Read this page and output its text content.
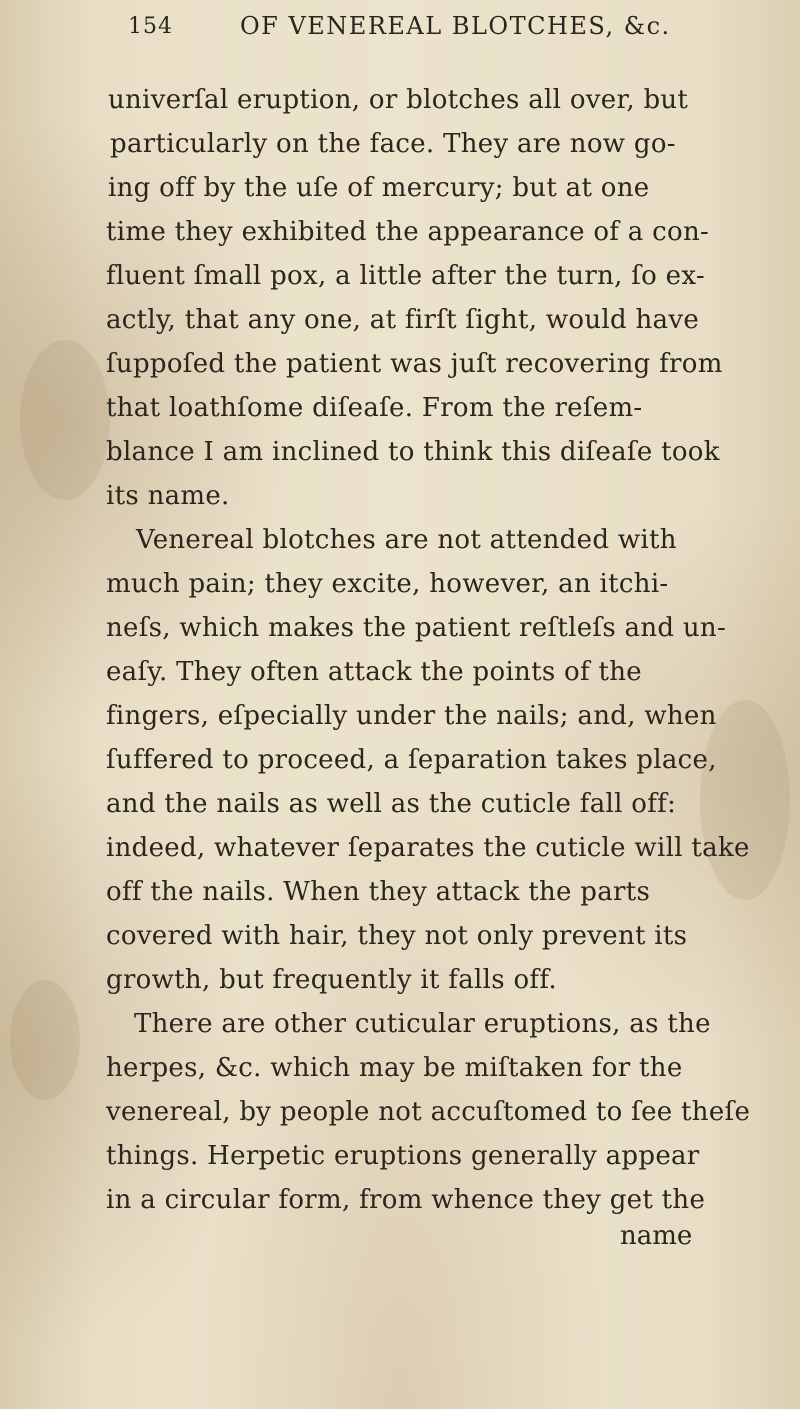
154	OF VENEREAL BLOTCHES, &c.
univerſal eruption, or blotches all over, but
particularly on the face. They are now go-
ing off by the uſe of mercury; but at one
time they exhibited the appearance of a con-
fluent ſmall pox, a little after the turn, ſo ex-
actly, that any one, at firſt ſight, would have
ſuppoſed the patient was juſt recovering from
that loathſome diſeaſe. From the reſem-
blance I am inclined to think this diſeaſe took
its name.
Venereal blotches are not attended with
much pain; they excite, however, an itchi-
neſs, which makes the patient reſtleſs and un-
eaſy. They often attack the points of the
fingers, eſpecially under the nails; and, when
ſuffered to proceed, a ſeparation takes place,
and the nails as well as the cuticle fall off:
indeed, whatever ſeparates the cuticle will take
off the nails. When they attack the parts
covered with hair, they not only prevent its
growth, but frequently it falls off.
There are other cuticular eruptions, as the
herpes, &c. which may be miſtaken for the
venereal, by people not accuſtomed to ſee theſe
things. Herpetic eruptions generally appear
in a circular form, from whence they get the
name
